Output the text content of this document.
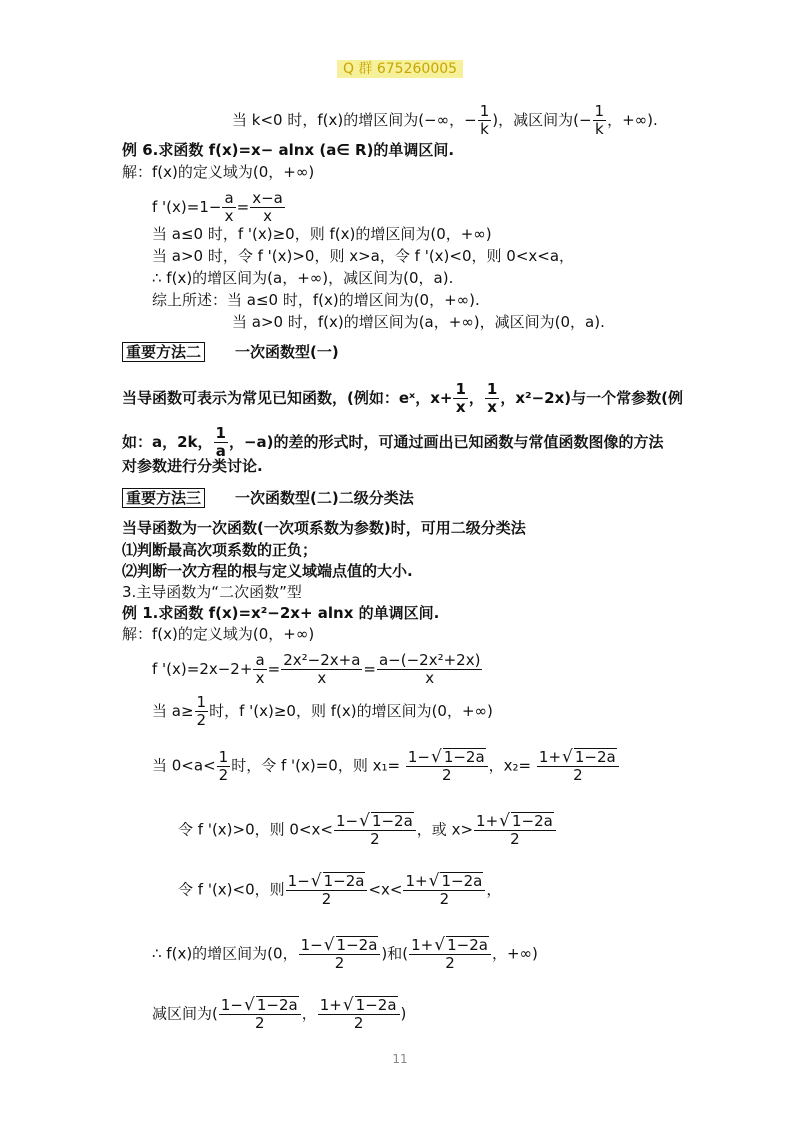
Q 群 675260005
当 k<0 时，f(x)的增区间为(−∞，− $\frac{1}{k}$ )，减区间为(− $\frac{1}{k}$ ，+∞).
例 6.求函数 f(x)=x− alnx (a∈ R)的单调区间.
解：f(x)的定义域为(0，+∞)
f '$(x)=1- \frac{a}{x} = \frac{x-a}{x}$
当 a≤0 时，f '(x)≥0，则 f(x)的增区间为(0，+∞)
当 a>0 时，令 f '(x)>0，则 x>a，令 f '(x)<0，则 0<x<a，
∴ f(x)的增区间为(a，+∞)，减区间为(0，a).
综上所述：当 a≤0 时，f(x)的增区间为(0，+∞).
当 a>0 时，f(x)的增区间为(a，+∞)，减区间为(0，a).
重要方法二 一次函数型(一)
当导函数可表示为常见已知函数，(例如：eˣ，$x+ \frac{1}{x}$ ， $\frac{1}{x}$ ，x²−2x)与一个常参数(例
如：a，2k， $\frac{1}{a}$ ，−a)的差的形式时，可通过画出已知函数与常值函数图像的方法
对参数进行分类讨论.
重要方法三 一次函数型(二)二级分类法
当导函数为一次函数(一次项系数为参数)时，可用二级分类法
⑴判断最高次项系数的正负；
⑵判断一次方程的根与定义域端点值的大小.
3.主导函数为“二次函数”型
例 1.求函数 f(x)=x²−2x+ alnx 的单调区间.
解：f(x)的定义域为(0，+∞)
f '$(x)=2x-2+ \frac{a}{x} = \frac{\text{2x²−2x+a}}{x} = \frac{\text{a−(−2x²+2x)}}{x}$
当 $a\ge \frac{1}{2}$ 时，f '(x)≥0，则 f(x)的增区间为(0，+∞)
当 $0<a< \frac{1}{2}$ 时，令 f '(x)=0，则 $x_1= \frac{1-√ 1-2a}{2}$ ，$x_2= \frac{1+√ 1-2a}{2}$
令 f '(x)>0，则 $0<x< \frac{1-√ 1-2a}{2}$ ，或 $x> \frac{1+√ 1-2a}{2}$
令 f '(x)<0，则 $\frac{1-√ 1-2a}{2} <x< \frac{1+√ 1-2a}{2}$ ，
∴ f(x)的增区间为(0， $\frac{1-√ 1-2a}{2}$ )和( $\frac{1+√ 1-2a}{2}$ ，+∞)
减区间为( $\frac{1-√ 1-2a}{2}$ ， $\frac{1+√ 1-2a}{2}$ )
11
